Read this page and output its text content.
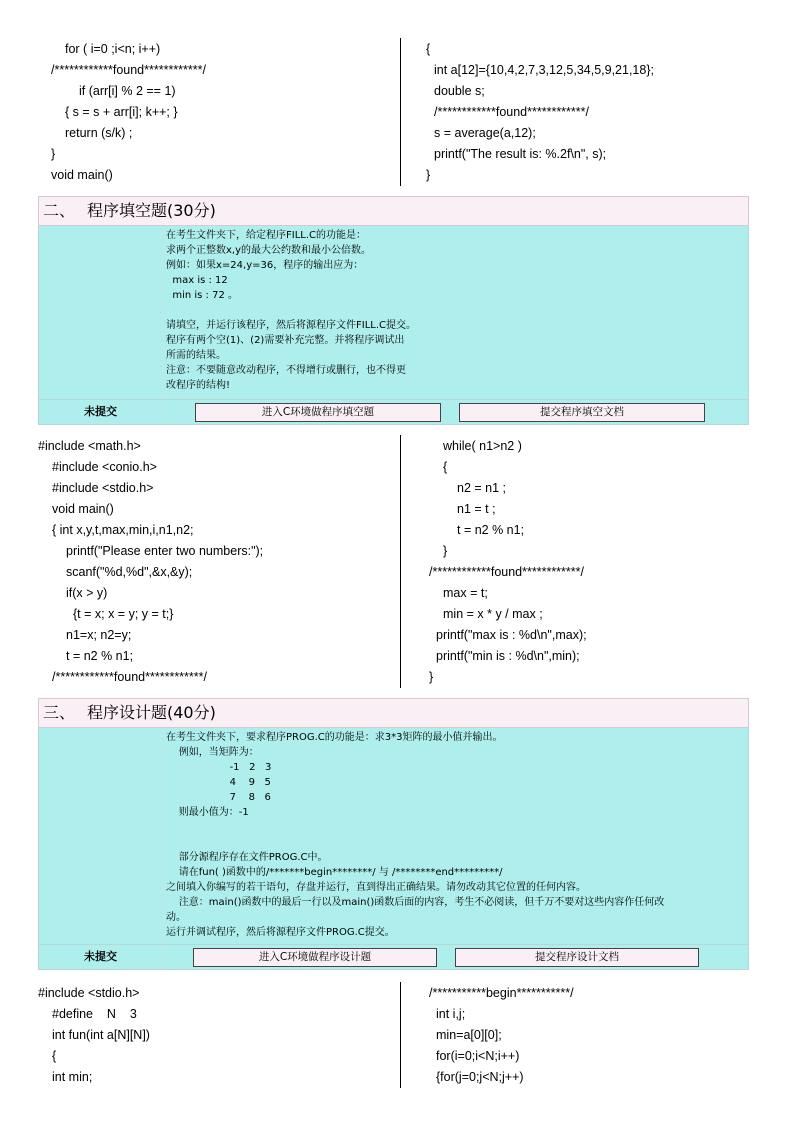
for ( i=0 ;i<n; i++)
/************found************/
if (arr[i] % 2 == 1)
{ s = s + arr[i]; k++; }
return (s/k) ;
}
void main()
{
int a[12]={10,4,2,7,3,12,5,34,5,9,21,18};
double s;
/************found************/
s = average(a,12);
printf("The result is: %.2f\n", s);
}
二、 程序填空题(30分)
在考生文件夹下，给定程序FILL.C的功能是：
求两个正整数x,y的最大公约数和最小公倍数。
例如：如果x=24,y=36，程序的输出应为：
max is : 12
min is : 72 。
请填空，并运行该程序，然后将源程序文件FILL.C提交。
程序有两个空(1)、(2)需要补充完整。并将程序调试出
所需的结果。
注意：不要随意改动程序，不得增行或删行，也不得更
改程序的结构!
未提交	进入C环境做程序填空题	提交程序填空文档
#include <math.h>
#include <conio.h>
#include <stdio.h>
void main()
{ int x,y,t,max,min,i,n1,n2;
printf("Please enter two numbers:");
scanf("%d,%d",&x,&y);
if(x > y)
{t = x; x = y; y = t;}
n1=x; n2=y;
t = n2 % n1;
/************found************/
while( n1>n2 )
{
n2 = n1 ;
n1 = t ;
t = n2 % n1;
}
/************found************/
max = t;
min = x * y / max ;
printf("max is : %d\n",max);
printf("min is : %d\n",min);
}
三、 程序设计题(40分)
在考生文件夹下，要求程序PROG.C的功能是：求3*3矩阵的最小值并输出。
例如，当矩阵为：
-1   2   3
4    9   5
7    8   6
则最小值为：-1
部分源程序存在文件PROG.C中。
请在fun( )函数中的/*******begin********/ 与 /********end*********/
之间填入你编写的若干语句，存盘并运行，直到得出正确结果。请勿改动其它位置的任何内容。
注意：main()函数中的最后一行以及main()函数后面的内容，考生不必阅读，但千万不要对这些内容作任何改
动。
运行并调试程序，然后将源程序文件PROG.C提交。
未提交	进入C环境做程序设计题	提交程序设计文档
#include <stdio.h>
#define    N    3
int fun(int a[N][N])
{
int min;
/***********begin***********/
int i,j;
min=a[0][0];
for(i=0;i<N;i++)
{for(j=0;j<N;j++)
